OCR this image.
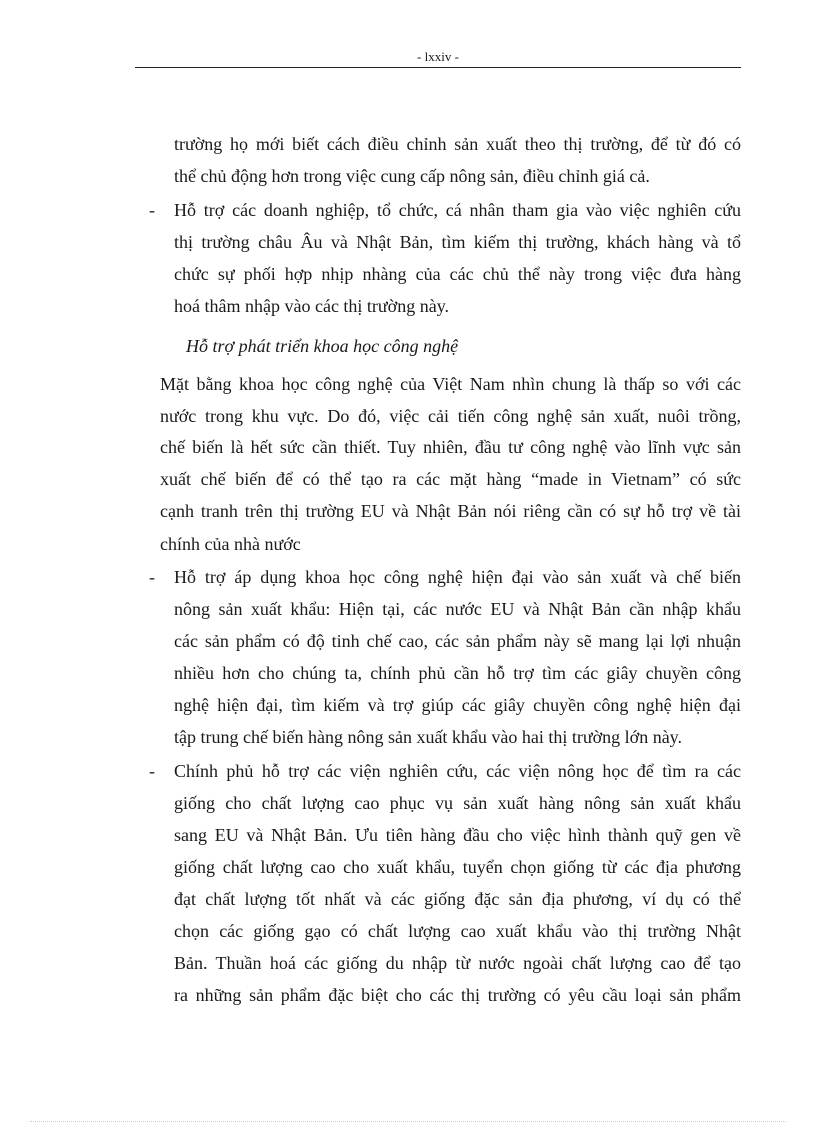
- lxxiv -
trường họ mới biết cách điều chỉnh sản xuất theo thị trường, để từ đó có
thể chủ động hơn trong việc cung cấp nông sản, điều chỉnh giá cả.
- Hỗ trợ các doanh nghiệp, tổ chức, cá nhân tham gia vào việc nghiên cứu
thị trường châu Âu và Nhật Bản, tìm kiếm thị trường, khách hàng và tổ
chức sự phối hợp nhịp nhàng của các chủ thể này trong việc đưa hàng
hoá thâm nhập vào các thị trường này.
Hỗ trợ phát triển khoa học công nghệ
Mặt bằng khoa học công nghệ của Việt Nam nhìn chung là thấp so với các
nước trong khu vực. Do đó, việc cải tiến công nghệ sản xuất, nuôi trồng,
chế biến là hết sức cần thiết. Tuy nhiên, đầu tư công nghệ vào lĩnh vực sản
xuất chế biến để có thể tạo ra các mặt hàng “made in Vietnam” có sức
cạnh tranh trên thị trường EU và Nhật Bản nói riêng cần có sự hỗ trợ về tài
chính của nhà nước
- Hỗ trợ áp dụng khoa học công nghệ hiện đại vào sản xuất và chế biến
nông sản xuất khẩu: Hiện tại, các nước EU và Nhật Bản cần nhập khẩu
các sản phẩm có độ tinh chế cao, các sản phẩm này sẽ mang lại lợi nhuận
nhiều hơn cho chúng ta, chính phủ cần hỗ trợ tìm các giây chuyền công
nghệ hiện đại, tìm kiếm và trợ giúp các giây chuyền công nghệ hiện đại
tập trung chế biến hàng nông sản xuất khẩu vào hai thị trường lớn này.
- Chính phủ hỗ trợ các viện nghiên cứu, các viện nông học để tìm ra các
giống cho chất lượng cao phục vụ sản xuất hàng nông sản xuất khẩu
sang EU và Nhật Bản. Ưu tiên hàng đầu cho việc hình thành quỹ gen về
giống chất lượng cao cho xuất khẩu, tuyển chọn giống từ các địa phương
đạt chất lượng tốt nhất và các giống đặc sản địa phương, ví dụ có thể
chọn các giống gạo có chất lượng cao xuất khẩu vào thị trường Nhật
Bản. Thuần hoá các giống du nhập từ nước ngoài chất lượng cao để tạo
ra những sản phẩm đặc biệt cho các thị trường có yêu cầu loại sản phẩm
